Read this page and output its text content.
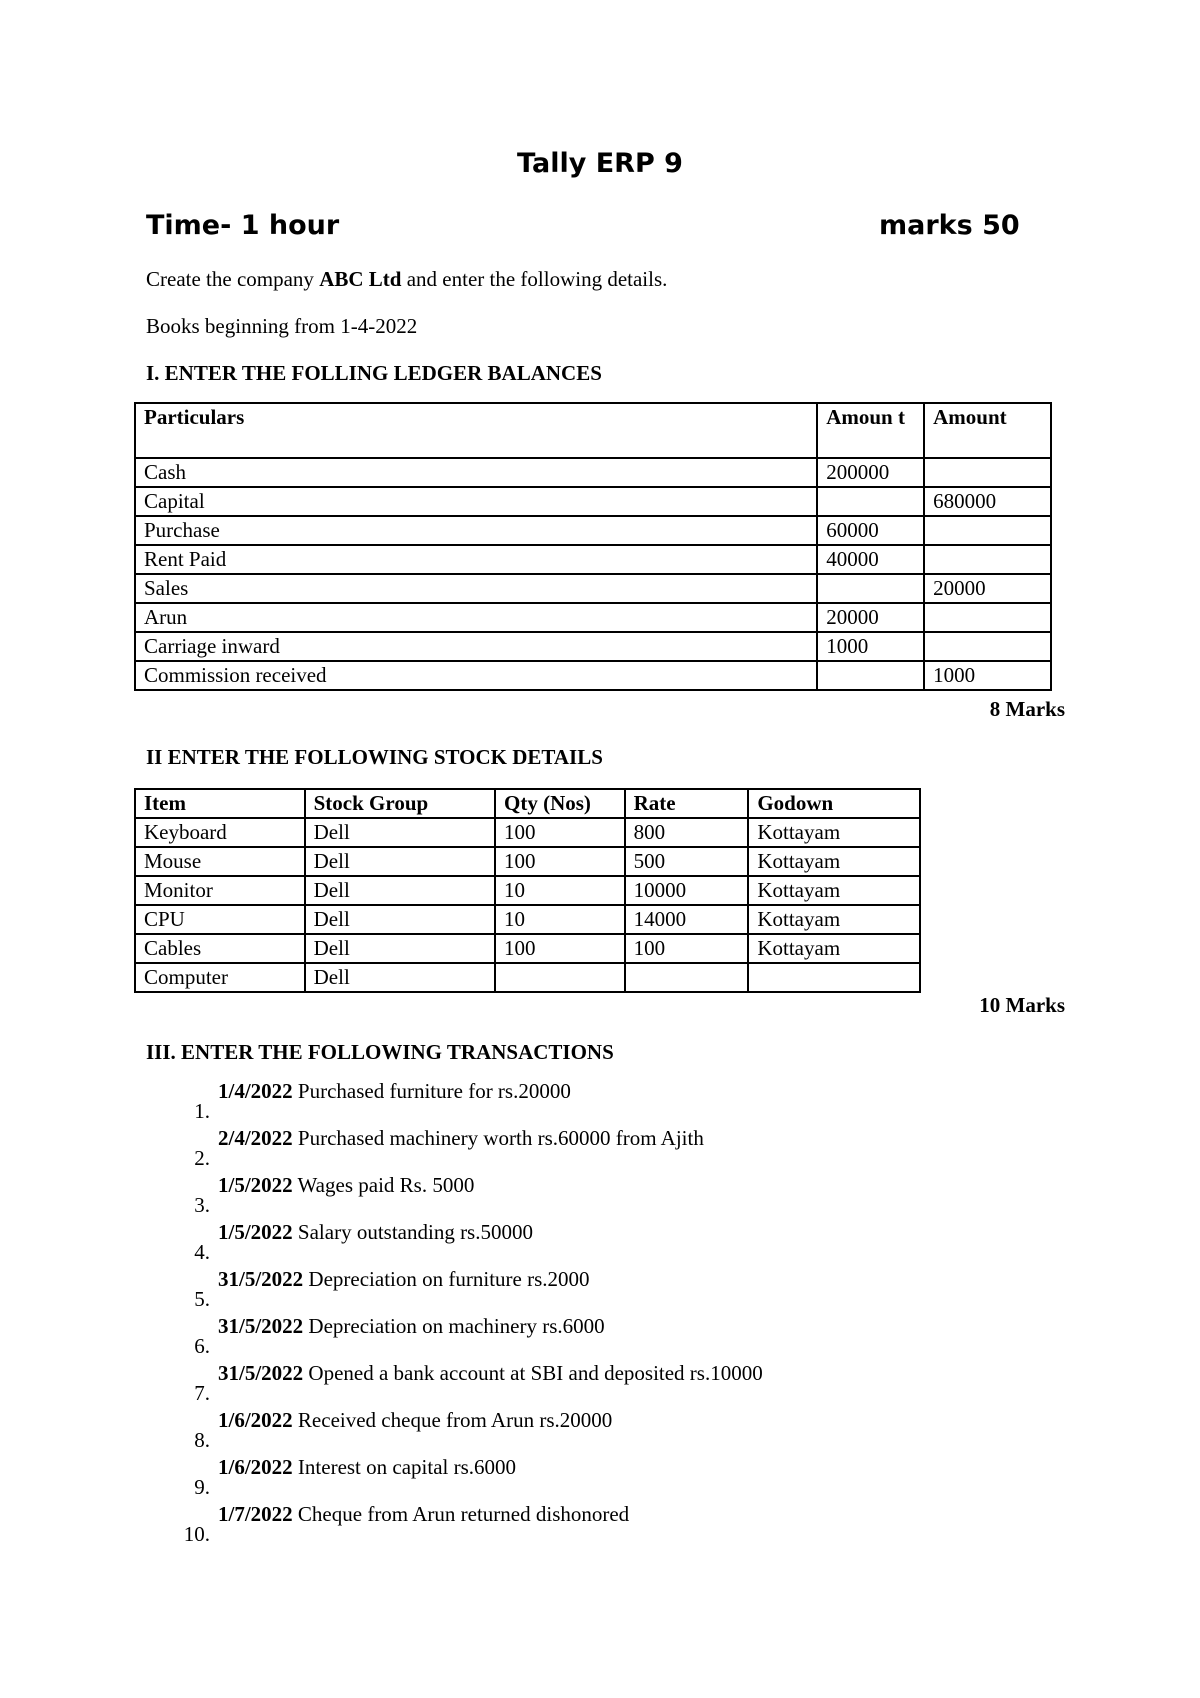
Tally ERP 9
Time- 1 hour	marks 50
Create the company ABC Ltd and enter the following details.
Books beginning from 1-4-2022
I. ENTER THE FOLLING LEDGER BALANCES
Particulars	Amoun t	Amount
Cash	200000	
Capital		680000
Purchase	60000	
Rent Paid	40000	
Sales		20000
Arun	20000	
Carriage inward	1000	
Commission received		1000
8 Marks
II ENTER THE FOLLOWING STOCK DETAILS
Item	Stock Group	Qty (Nos)	Rate	Godown
Keyboard	Dell	100	800	Kottayam
Mouse	Dell	100	500	Kottayam
Monitor	Dell	10	10000	Kottayam
CPU	Dell	10	14000	Kottayam
Cables	Dell	100	100	Kottayam
Computer	Dell			
10 Marks
III. ENTER THE FOLLOWING TRANSACTIONS
1.
1/4/2022 Purchased furniture for rs.20000
2.
2/4/2022 Purchased machinery worth rs.60000 from Ajith
3.
1/5/2022 Wages paid Rs. 5000
4.
1/5/2022 Salary outstanding rs.50000
5.
31/5/2022 Depreciation on furniture rs.2000
6.
31/5/2022 Depreciation on machinery rs.6000
7.
31/5/2022 Opened a bank account at SBI and deposited rs.10000
8.
1/6/2022 Received cheque from Arun rs.20000
9.
1/6/2022 Interest on capital rs.6000
10.
1/7/2022 Cheque from Arun returned dishonored
